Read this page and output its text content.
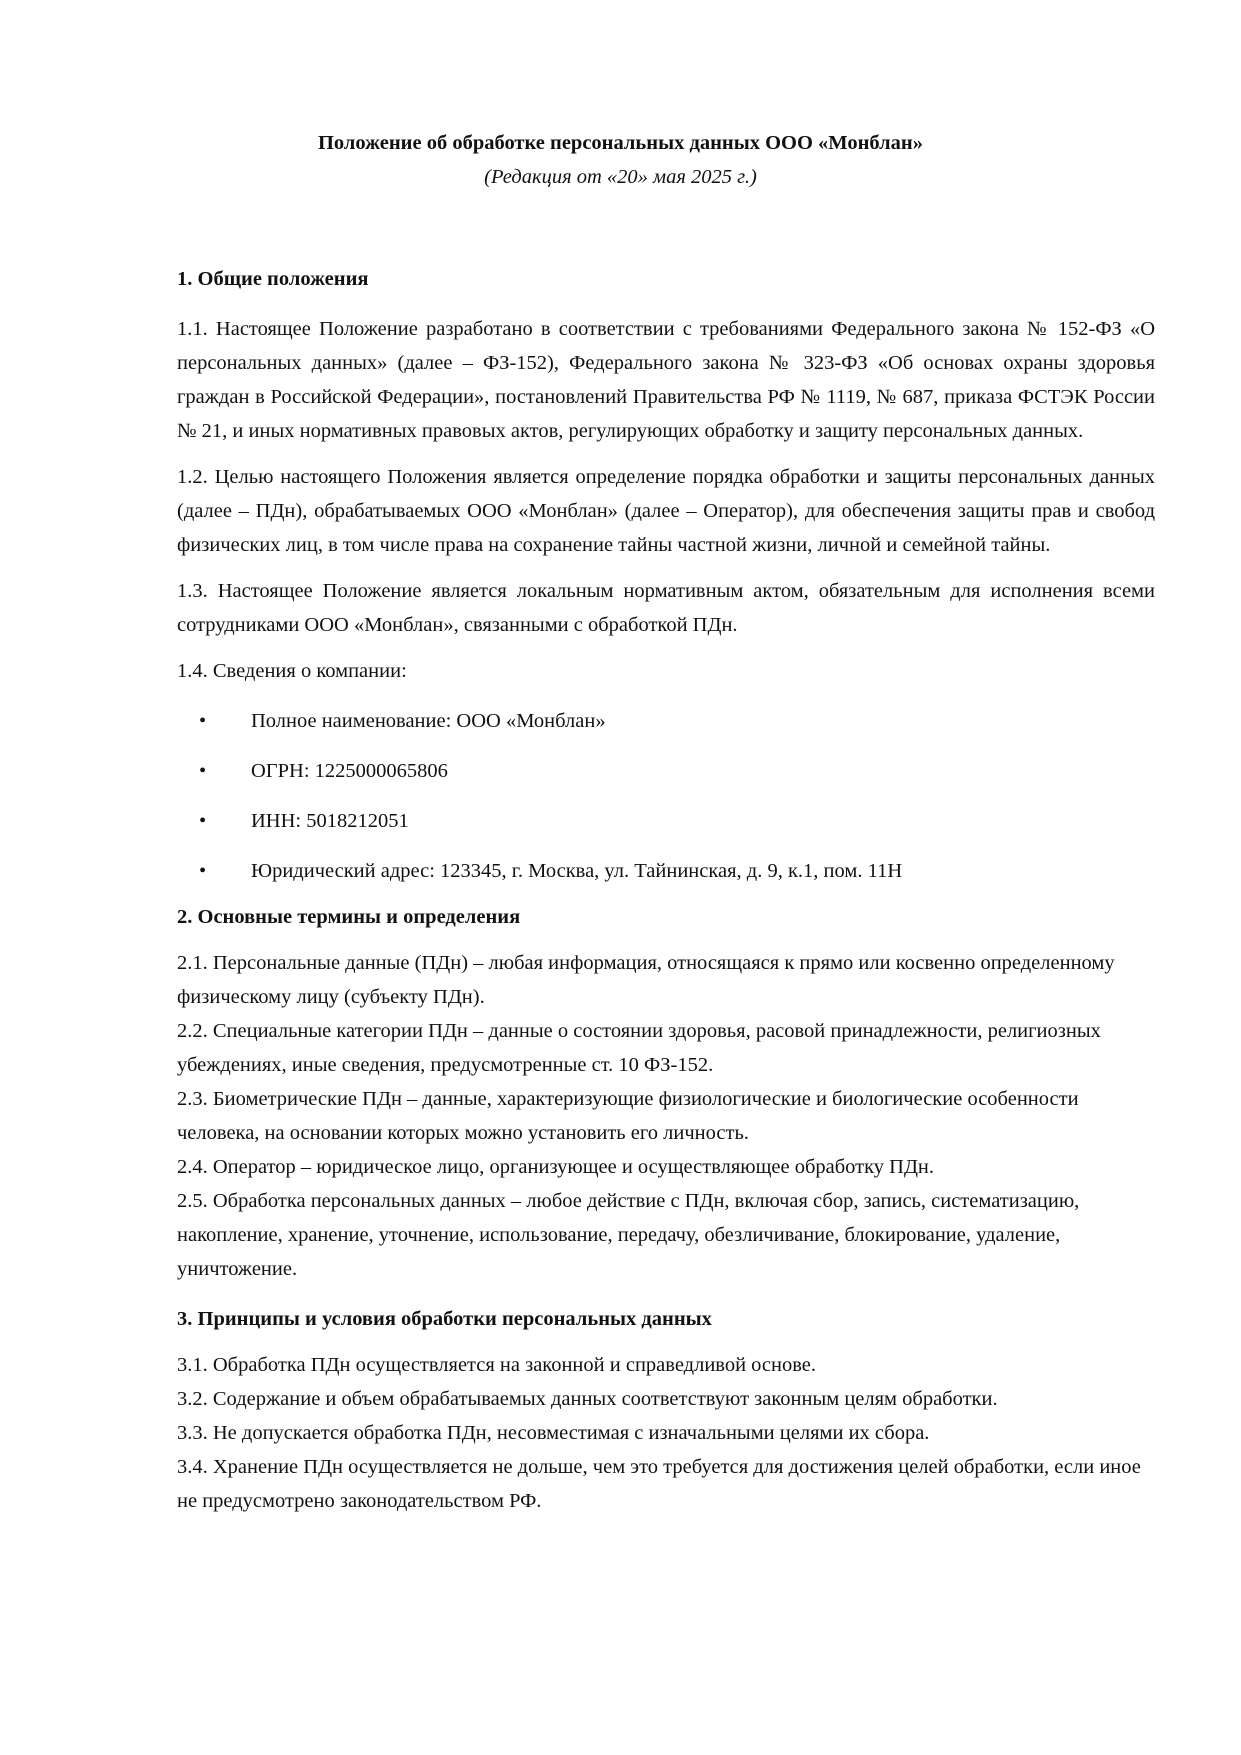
Положение об обработке персональных данных ООО «Монблан»
(Редакция от «20» мая 2025 г.)
1. Общие положения

1.1. Настоящее Положение разработано в соответствии с требованиями Федерального закона № 152-ФЗ «О персональных данных» (далее – ФЗ-152), Федерального закона № 323-ФЗ «Об основах охраны здоровья граждан в Российской Федерации», постановлений Правительства РФ № 1119, № 687, приказа ФСТЭК России № 21, и иных нормативных правовых актов, регулирующих обработку и защиту персональных данных.

1.2. Целью настоящего Положения является определение порядка обработки и защиты персональных данных (далее – ПДн), обрабатываемых ООО «Монблан» (далее – Оператор), для обеспечения защиты прав и свобод физических лиц, в том числе права на сохранение тайны частной жизни, личной и семейной тайны.

1.3. Настоящее Положение является локальным нормативным актом, обязательным для исполнения всеми сотрудниками ООО «Монблан», связанными с обработкой ПДн.

1.4. Сведения о компании:

• Полное наименование: ООО «Монблан»
• ОГРН: 1225000065806
• ИНН: 5018212051
• Юридический адрес: 123345, г. Москва, ул. Тайнинская, д. 9, к.1, пом. 11Н
2. Основные термины и определения

2.1. Персональные данные (ПДн) – любая информация, относящаяся к прямо или косвенно определенному физическому лицу (субъекту ПДн).

2.2. Специальные категории ПДн – данные о состоянии здоровья, расовой принадлежности, религиозных убеждениях, иные сведения, предусмотренные ст. 10 ФЗ-152.

2.3. Биометрические ПДн – данные, характеризующие физиологические и биологические особенности человека, на основании которых можно установить его личность.

2.4. Оператор – юридическое лицо, организующее и осуществляющее обработку ПДн.

2.5. Обработка персональных данных – любое действие с ПДн, включая сбор, запись, систематизацию, накопление, хранение, уточнение, использование, передачу, обезличивание, блокирование, удаление, уничтожение.

3. Принципы и условия обработки персональных данных

3.1. Обработка ПДн осуществляется на законной и справедливой основе.

3.2. Содержание и объем обрабатываемых данных соответствуют законным целям обработки.

3.3. Не допускается обработка ПДн, несовместимая с изначальными целями их сбора.

3.4. Хранение ПДн осуществляется не дольше, чем это требуется для достижения целей обработки, если иное не предусмотрено законодательством РФ.
